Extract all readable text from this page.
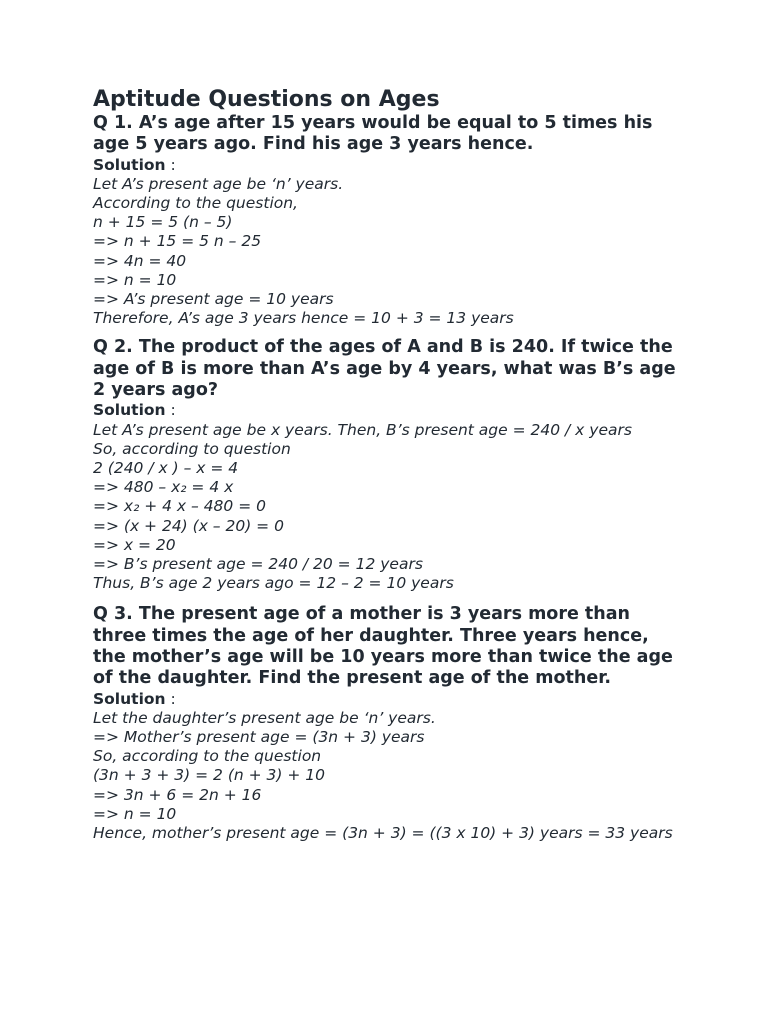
Aptitude Questions on Ages

Q 1. A’s age after 15 years would be equal to 5 times his age 5 years ago. Find his age 3 years hence.

Solution :

Let A’s present age be ‘n’ years.

According to the question,

n + 15 = 5 (n – 5)

=> n + 15 = 5 n – 25

=> 4n = 40

=> n = 10

=> A’s present age = 10 years

Therefore, A’s age 3 years hence = 10 + 3 = 13 years

Q 2. The product of the ages of A and B is 240. If twice the age of B is more than A’s age by 4 years, what was B’s age 2 years ago?

Solution :

Let A’s present age be x years. Then, B’s present age = 240 / x years

So, according to question

2 (240 / x ) – x = 4

=> 480 – x₂ = 4 x

=> x₂ + 4 x – 480 = 0

=> (x + 24) (x – 20) = 0

=> x = 20

=> B’s present age = 240 / 20 = 12 years

Thus, B’s age 2 years ago = 12 – 2 = 10 years

Q 3. The present age of a mother is 3 years more than three times the age of her daughter. Three years hence, the mother’s age will be 10 years more than twice the age of the daughter. Find the present age of the mother.

Solution :

Let the daughter’s present age be ‘n’ years.

=> Mother’s present age = (3n + 3) years

So, according to the question

(3n + 3 + 3) = 2 (n + 3) + 10

=> 3n + 6 = 2n + 16

=> n = 10

Hence, mother’s present age = (3n + 3) = ((3 x 10) + 3) years = 33 years
